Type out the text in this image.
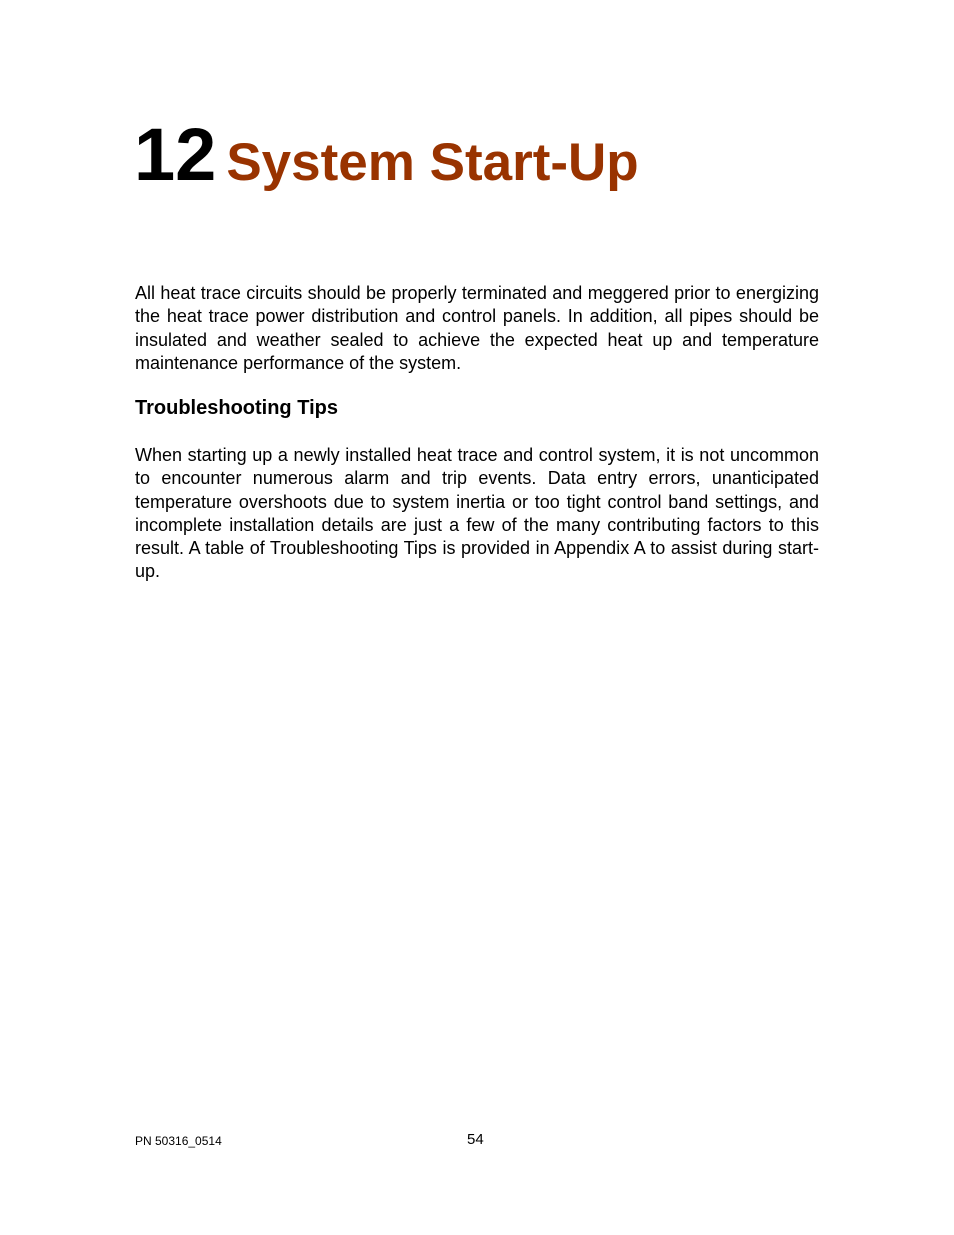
12 System Start-Up

All heat trace circuits should be properly terminated and meggered prior to energizing the heat trace power distribution and control panels. In addition, all pipes should be insulated and weather sealed to achieve the expected heat up and temperature maintenance performance of the system.

Troubleshooting Tips

When starting up a newly installed heat trace and control system, it is not uncommon to encounter numerous alarm and trip events. Data entry errors, unanticipated temperature overshoots due to system inertia or too tight control band settings, and incomplete installation details are just a few of the many contributing factors to this result. A table of Troubleshooting Tips is provided in Appendix A to assist during start-up.

PN 50316_0514	54
